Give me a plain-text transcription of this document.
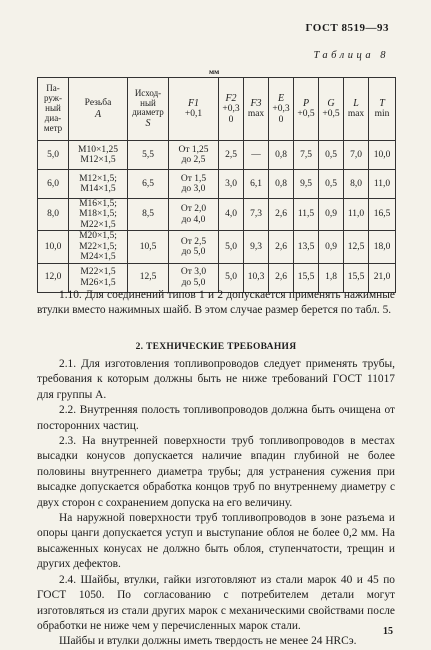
ГОСТ 8519—93
Таблица 8
мм
Па-
руж-
ный
диа-
метр	Резьба
A	Исход-
ный
диаметр
S	F1
+0,1	F2
+0,3
0	F3
max	E
+0,3
0	P
+0,5	G
+0,5	L
max	T
min

5,0	M10×1,25
M12×1,5	5,5	От 1,25
до 2,5	2,5	—	0,8	7,5	0,5	7,0	10,0

6,0	M12×1,5;
M14×1,5	6,5	От 1,5
до 3,0	3,0	6,1	0,8	9,5	0,5	8,0	11,0

8,0	M16×1,5;
M18×1,5;
M22×1,5	8,5	От 2,0
до 4,0	4,0	7,3	2,6	11,5	0,9	11,0	16,5

10,0	M20×1,5;
M22×1,5;
M24×1,5	10,5	От 2,5
до 5,0	5,0	9,3	2,6	13,5	0,9	12,5	18,0

12,0	M22×1,5
M26×1,5	12,5	От 3,0
до 5,0	5,0	10,3	2,6	15,5	1,8	15,5	21,0

1.10. Для соединений типов 1 и 2 допускается применять нажимные втулки вместо нажимных шайб. В этом случае размер берется по табл. 5.

2. ТЕХНИЧЕСКИЕ ТРЕБОВАНИЯ

2.1. Для изготовления топливопроводов следует применять трубы, требования к которым должны быть не ниже требований ГОСТ 11017 для группы А.

2.2. Внутренняя полость топливопроводов должна быть очищена от посторонних частиц.

2.3. На внутренней поверхности труб топливопроводов в местах высадки конусов допускается наличие впадин глубиной не более половины внутреннего диаметра трубы; для устранения сужения при высадке допускается обработка концов труб по внутреннему диаметру с двух сторон с сохранением допуска на его величину.

На наружной поверхности труб топливопроводов в зоне разъема и опоры цанги допускается уступ и выступание облоя не более 0,2 мм. На высаженных конусах не должно быть облоя, ступенчатости, трещин и других дефектов.

2.4. Шайбы, втулки, гайки изготовляют из стали марок 40 и 45 по ГОСТ 1050. По согласованию с потребителем детали могут изготовляться из стали других марок с механическими свойствами после обработки не ниже чем у перечисленных марок стали.

Шайбы и втулки должны иметь твердость не менее 24 HRCэ.

15
